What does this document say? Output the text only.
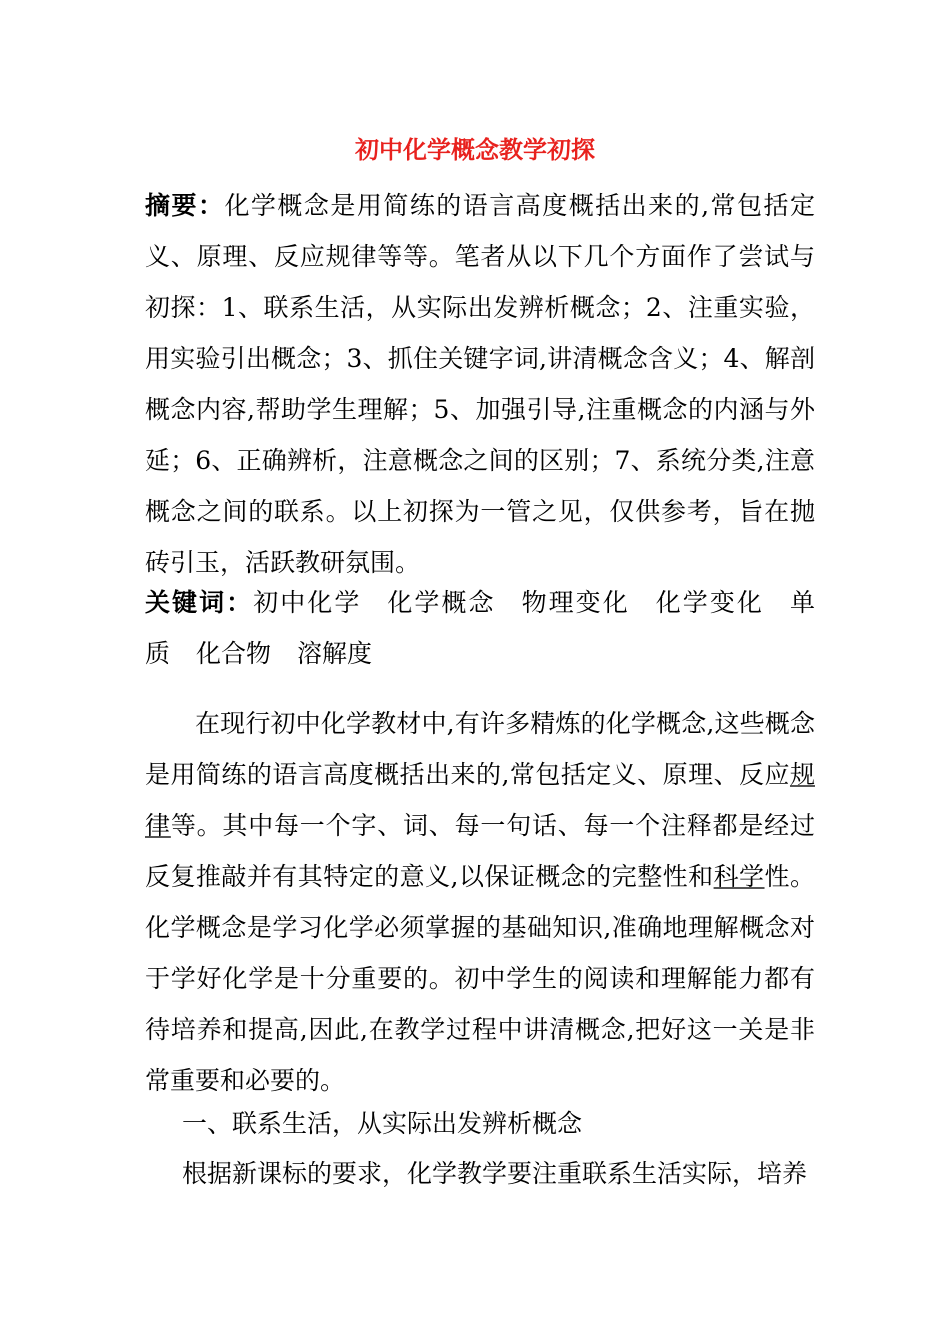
初中化学概念教学初探
摘要：化学概念是用简练的语言高度概括出来的,常包括定义、原理、反应规律等等。笔者从以下几个方面作了尝试与初探：1、联系生活，从实际出发辨析概念；2、注重实验，用实验引出概念；3、抓住关键字词,讲清概念含义；4、解剖概念内容,帮助学生理解；5、加强引导,注重概念的内涵与外延；6、正确辨析，注意概念之间的区别；7、系统分类,注意概念之间的联系。以上初探为一管之见，仅供参考，旨在抛砖引玉，活跃教研氛围。
关键词：初中化学 化学概念 物理变化 化学变化 单质 化合物 溶解度
在现行初中化学教材中,有许多精炼的化学概念,这些概念是用简练的语言高度概括出来的,常包括定义、原理、反应规律等。其中每一个字、词、每一句话、每一个注释都是经过反复推敲并有其特定的意义,以保证概念的完整性和科学性。化学概念是学习化学必须掌握的基础知识,准确地理解概念对于学好化学是十分重要的。初中学生的阅读和理解能力都有待培养和提高,因此,在教学过程中讲清概念,把好这一关是非常重要和必要的。
一、联系生活，从实际出发辨析概念
根据新课标的要求，化学教学要注重联系生活实际，培养
